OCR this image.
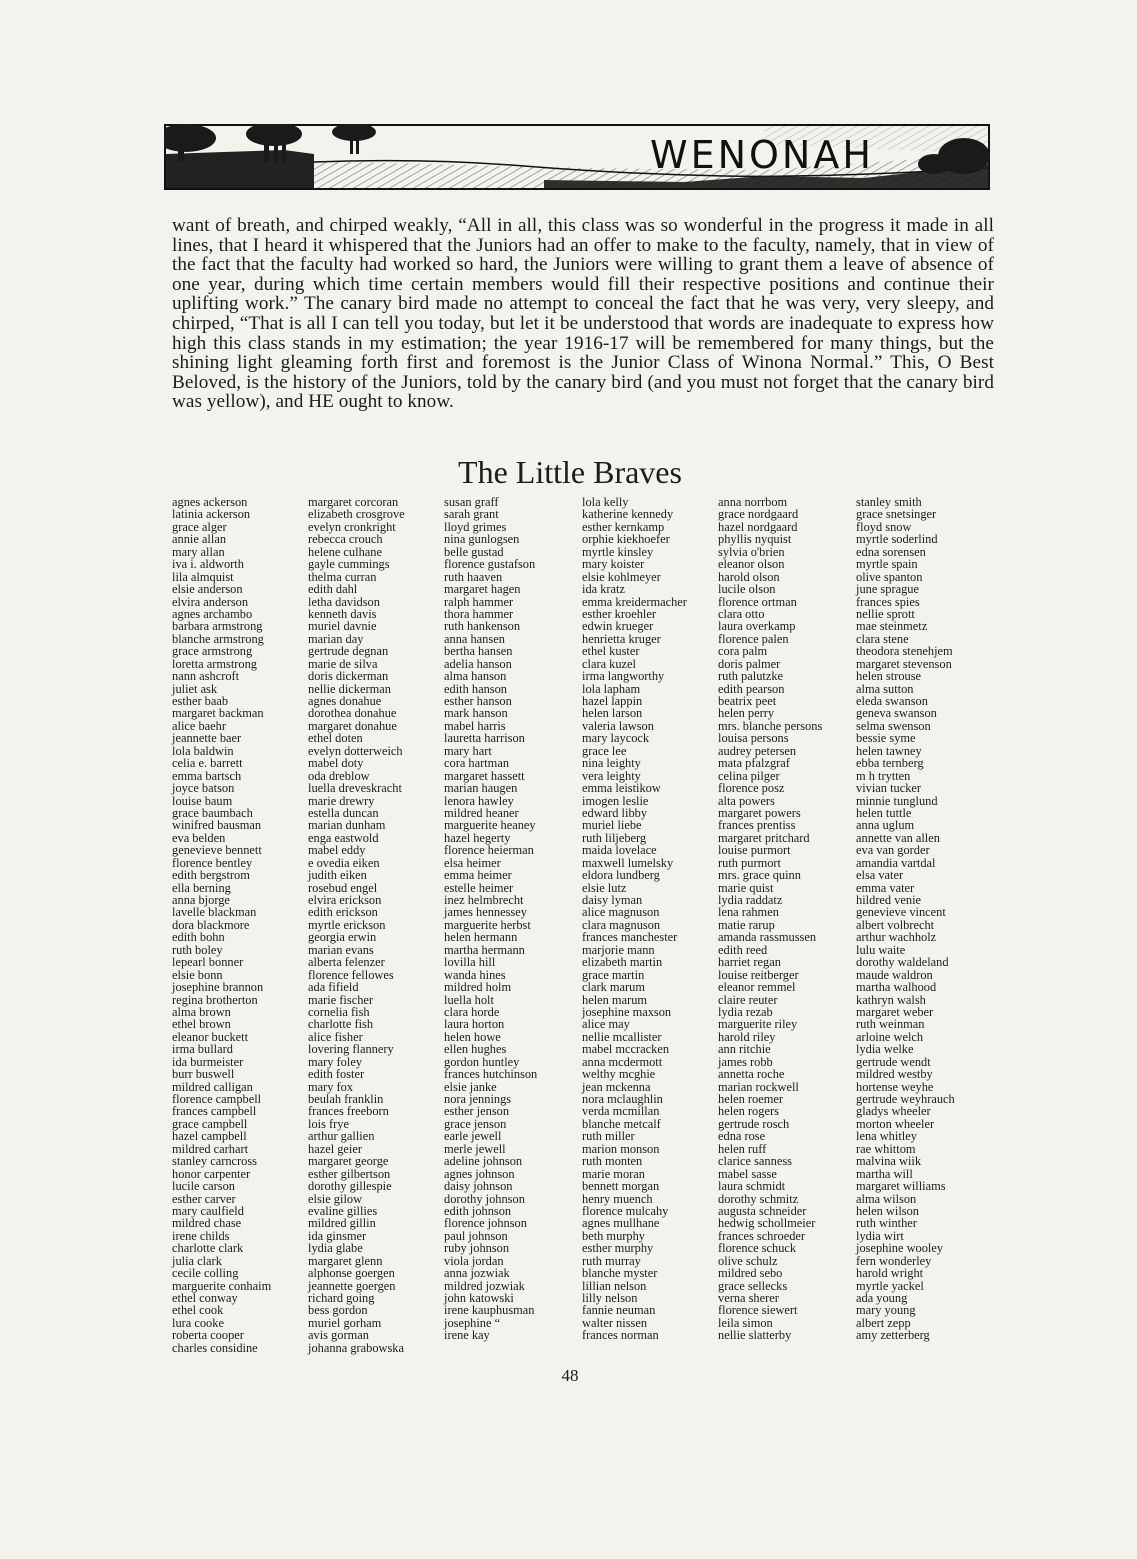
WENONAH

want of breath, and chirped weakly, “All in all, this class was so wonderful in the progress it made in all lines, that I heard it whispered that the Juniors had an offer to make to the faculty, namely, that in view of the fact that the faculty had worked so hard, the Juniors were willing to grant them a leave of absence of one year, during which time certain members would fill their respective positions and continue their uplifting work.” The canary bird made no attempt to conceal the fact that he was very, very sleepy, and chirped, “That is all I can tell you today, but let it be understood that words are inadequate to express how high this class stands in my estimation; the year 1916-17 will be remembered for many things, but the shining light gleaming forth first and foremost is the Junior Class of Winona Normal.” This, O Best Beloved, is the history of the Juniors, told by the canary bird (and you must not forget that the canary bird was yellow), and HE ought to know.

The Little Braves
agnes ackerson
latinia ackerson
grace alger
annie allan
mary allan
iva i. aldworth
lila almquist
elsie anderson
elvira anderson
agnes archambo
barbara armstrong
blanche armstrong
grace armstrong
loretta armstrong
nann ashcroft
juliet ask
esther baab
margaret backman
alice baehr
jeannette baer
lola baldwin
celia e. barrett
emma bartsch
joyce batson
louise baum
grace baumbach
winifred bausman
eva belden
genevieve bennett
florence bentley
edith bergstrom
ella berning
anna bjorge
lavelle blackman
dora blackmore
edith bohn
ruth boley
lepearl bonner
elsie bonn
josephine brannon
regina brotherton
alma brown
ethel brown
eleanor buckett
irma bullard
ida burmeister
burr buswell
mildred calligan
florence campbell
frances campbell
grace campbell
hazel campbell
mildred carhart
stanley carncross
honor carpenter
lucile carson
esther carver
mary caulfield
mildred chase
irene childs
charlotte clark
julia clark
cecile colling
marguerite conhaim
ethel conway
ethel cook
lura cooke
roberta cooper
charles considine
margaret corcoran
elizabeth crosgrove
evelyn cronkright
rebecca crouch
helene culhane
gayle cummings
thelma curran
edith dahl
letha davidson
kenneth davis
muriel davnie
marian day
gertrude degnan
marie de silva
doris dickerman
nellie dickerman
agnes donahue
dorothea donahue
margaret donahue
ethel doten
evelyn dotterweich
mabel doty
oda dreblow
luella dreveskracht
marie drewry
estella duncan
marian dunham
enga eastwold
mabel eddy
e ovedia eiken
judith eiken
rosebud engel
elvira erickson
edith erickson
myrtle erickson
georgia erwin
marian evans
alberta felenzer
florence fellowes
ada fifield
marie fischer
cornelia fish
charlotte fish
alice fisher
lovering flannery
mary foley
edith foster
mary fox
beulah franklin
frances freeborn
lois frye
arthur gallien
hazel geier
margaret george
esther gilbertson
dorothy gillespie
elsie gilow
evaline gillies
mildred gillin
ida ginsmer
lydia glabe
margaret glenn
alphonse goergen
jeannette goergen
richard going
bess gordon
muriel gorham
avis gorman
johanna grabowska
susan graff
sarah grant
lloyd grimes
nina gunlogsen
belle gustad
florence gustafson
ruth haaven
margaret hagen
ralph hammer
thora hammer
ruth hankenson
anna hansen
bertha hansen
adelia hanson
alma hanson
edith hanson
esther hanson
mark hanson
mabel harris
lauretta harrison
mary hart
cora hartman
margaret hassett
marian haugen
lenora hawley
mildred heaner
marguerite heaney
hazel hegerty
florence heierman
elsa heimer
emma heimer
estelle heimer
inez helmbrecht
james hennessey
marguerite herbst
helen hermann
martha hermann
lovilla hill
wanda hines
mildred holm
luella holt
clara horde
laura horton
helen howe
ellen hughes
gordon huntley
frances hutchinson
elsie janke
nora jennings
esther jenson
grace jenson
earle jewell
merle jewell
adeline johnson
agnes johnson
daisy johnson
dorothy johnson
edith johnson
florence johnson
paul johnson
ruby johnson
viola jordan
anna jozwiak
mildred jozwiak
john katowski
irene kauphusman
josephine “
irene kay
lola kelly
katherine kennedy
esther kernkamp
orphie kiekhoefer
myrtle kinsley
mary koister
elsie kohlmeyer
ida kratz
emma kreidermacher
esther kroehler
edwin krueger
henrietta kruger
ethel kuster
clara kuzel
irma langworthy
lola lapham
hazel lappin
helen larson
valeria lawson
mary laycock
grace lee
nina leighty
vera leighty
emma leistikow
imogen leslie
edward libby
muriel liebe
ruth liljeberg
maida lovelace
maxwell lumelsky
eldora lundberg
elsie lutz
daisy lyman
alice magnuson
clara magnuson
frances manchester
marjorie mann
elizabeth martin
grace martin
clark marum
helen marum
josephine maxson
alice may
nellie mcallister
mabel mccracken
anna mcdermott
welthy mcghie
jean mckenna
nora mclaughlin
verda mcmillan
blanche metcalf
ruth miller
marion monson
ruth monten
marie moran
bennett morgan
henry muench
florence mulcahy
agnes mullhane
beth murphy
esther murphy
ruth murray
blanche myster
lillian nelson
lilly nelson
fannie neuman
walter nissen
frances norman
anna norrbom
grace nordgaard
hazel nordgaard
phyllis nyquist
sylvia o'brien
eleanor olson
harold olson
lucile olson
florence ortman
clara otto
laura overkamp
florence palen
cora palm
doris palmer
ruth palutzke
edith pearson
beatrix peet
helen perry
mrs. blanche persons
louisa persons
audrey petersen
mata pfalzgraf
celina pilger
florence posz
alta powers
margaret powers
frances prentiss
margaret pritchard
louise purmort
ruth purmort
mrs. grace quinn
marie quist
lydia raddatz
lena rahmen
matie rarup
amanda rassmussen
edith reed
harriet regan
louise reitberger
eleanor remmel
claire reuter
lydia rezab
marguerite riley
harold riley
ann ritchie
james robb
annetta roche
marian rockwell
helen roemer
helen rogers
gertrude rosch
edna rose
helen ruff
clarice sanness
mabel sasse
laura schmidt
dorothy schmitz
augusta schneider
hedwig schollmeier
frances schroeder
florence schuck
olive schulz
mildred sebo
grace sellecks
verna sherer
florence siewert
leila simon
nellie slatterby
stanley smith
grace snetsinger
floyd snow
myrtle soderlind
edna sorensen
myrtle spain
olive spanton
june sprague
frances spies
nellie sprott
mae steinmetz
clara stene
theodora stenehjem
margaret stevenson
helen strouse
alma sutton
eleda swanson
geneva swanson
selma swenson
bessie syme
helen tawney
ebba ternberg
m h trytten
vivian tucker
minnie tunglund
helen tuttle
anna uglum
annette van allen
eva van gorder
amandia vartdal
elsa vater
emma vater
hildred venie
genevieve vincent
albert volbrecht
arthur wachholz
lulu waite
dorothy waldeland
maude waldron
martha walhood
kathryn walsh
margaret weber
ruth weinman
arloine welch
lydia welke
gertrude wendt
mildred westby
hortense weyhe
gertrude weyhrauch
gladys wheeler
morton wheeler
lena whitley
rae whittom
malvina wiik
martha will
margaret williams
alma wilson
helen wilson
ruth winther
lydia wirt
josephine wooley
fern wonderley
harold wright
myrtle yackel
ada young
mary young
albert zepp
amy zetterberg
48
